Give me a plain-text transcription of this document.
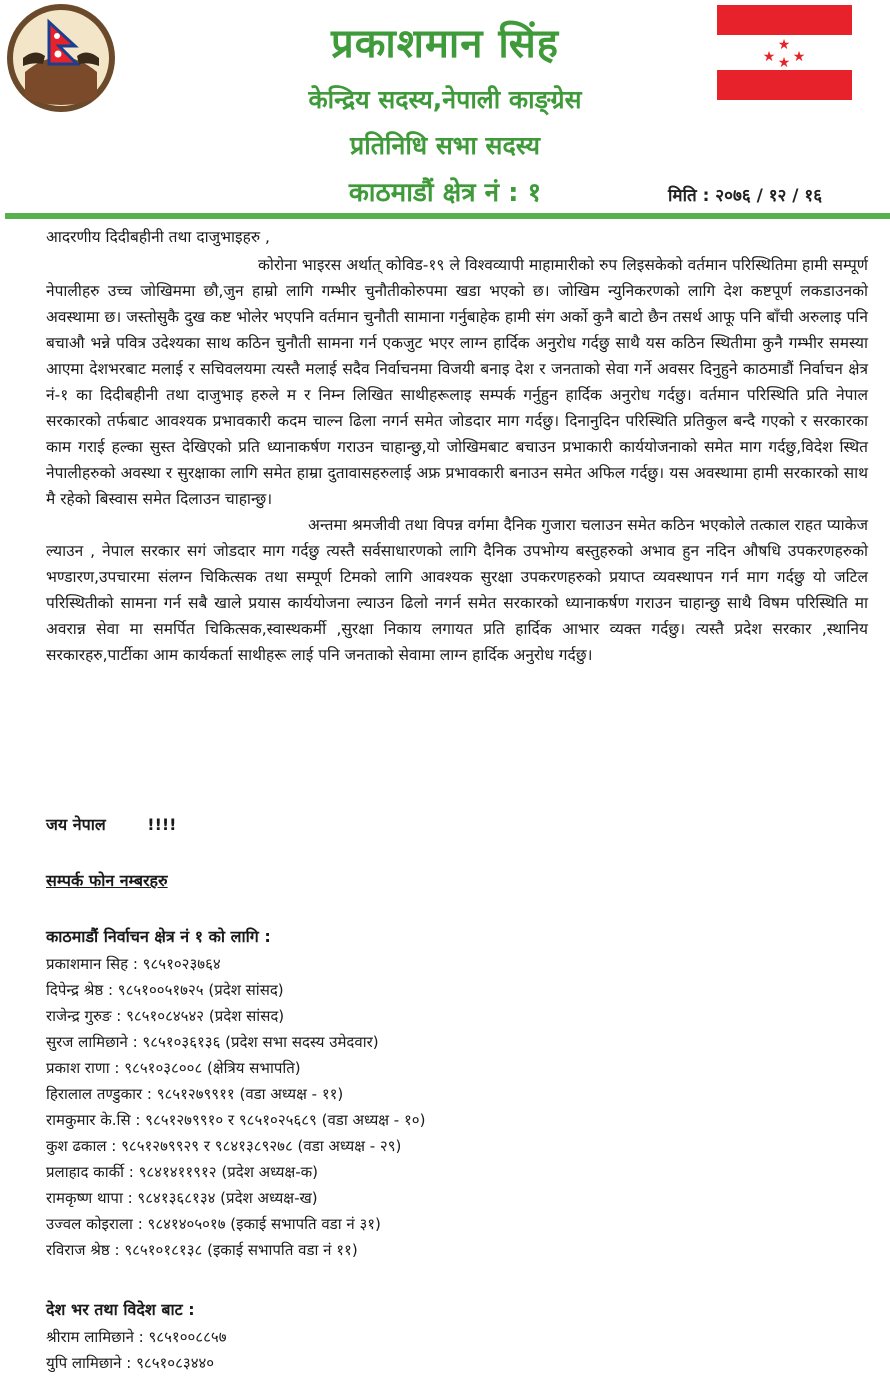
★
★ ★
★
प्रकाशमान सिंह
केन्द्रिय सदस्य,नेपाली काङ्ग्रेस
प्रतिनिधि सभा सदस्य
काठमाडौं क्षेत्र नं : १	मिति : २०७६ / १२ / १६

आदरणीय दिदीबहीनी तथा दाजुभाइहरु ,

कोरोना भाइरस अर्थात् कोविड-१९ ले विश्वव्यापी माहामारीको रुप लिइसकेको वर्तमान परिस्थितिमा हामी सम्पूर्ण नेपालीहरु उच्च जोखिममा छौ,जुन हाम्रो लागि गम्भीर चुनौतीकोरुपमा खडा भएको छ। जोखिम न्युनिकरणको लागि देश कष्टपूर्ण लकडाउनको अवस्थामा छ। जस्तोसुकै दुख कष्ट भोलेर भएपनि वर्तमान चुनौती सामाना गर्नुबाहेक हामी संग अर्को कुनै बाटो छैन तसर्थ आफू पनि बाँची अरुलाइ पनि बचाऔ भन्ने पवित्र उदेश्यका साथ कठिन चुनौती सामना गर्न एकजुट भएर लाग्न हार्दिक अनुरोध गर्दछु साथै यस कठिन स्थितीमा कुनै गम्भीर समस्या आएमा देशभरबाट मलाई र सचिवलयमा त्यस्तै मलाई सदैव निर्वाचनमा विजयी बनाइ देश र जनताको सेवा गर्ने अवसर दिनुहुने काठमाडौं निर्वाचन क्षेत्र नं-१ का दिदीबहीनी तथा दाजुभाइ हरुले म र निम्न लिखित साथीहरूलाइ सम्पर्क गर्नुहुन हार्दिक अनुरोध गर्दछु। वर्तमान परिस्थिति प्रति नेपाल सरकारको तर्फबाट आवश्यक प्रभावकारी कदम चाल्न ढिला नगर्न समेत जोडदार माग गर्दछु। दिनानुदिन परिस्थिति प्रतिकुल बन्दै गएको र सरकारका काम गराई हल्का सुस्त देखिएको प्रति ध्यानाकर्षण गराउन चाहान्छु,यो जोखिमबाट बचाउन प्रभाकारी कार्ययोजनाको समेत माग गर्दछु,विदेश स्थित नेपालीहरुको अवस्था र सुरक्षाका लागि समेत हाम्रा दुतावासहरुलाई अफ्र प्रभावकारी बनाउन समेत अफिल गर्दछु। यस अवस्थामा हामी सरकारको साथ मै रहेको बिस्वास समेत दिलाउन चाहान्छु।

अन्तमा श्रमजीवी तथा विपन्न वर्गमा दैनिक गुजारा चलाउन समेत कठिन भएकोले तत्काल राहत प्याकेज ल्याउन , नेपाल सरकार सगं जोडदार माग गर्दछु त्यस्तै सर्वसाधारणको लागि दैनिक उपभोग्य बस्तुहरुको अभाव हुन नदिन औषधि उपकरणहरुको भण्डारण,उपचारमा संलग्न चिकित्सक तथा सम्पूर्ण टिमको लागि आवश्यक सुरक्षा उपकरणहरुको प्रयाप्त व्यवस्थापन गर्न माग गर्दछु यो जटिल परिस्थितीको सामना गर्न सबै खाले प्रयास कार्ययोजना ल्याउन ढिलो नगर्न समेत सरकारको ध्यानाकर्षण गराउन चाहान्छु साथै विषम परिस्थिति मा अवरान्न सेवा मा समर्पित चिकित्सक,स्वास्थकर्मी ,सुरक्षा निकाय लगायत प्रति हार्दिक आभार व्यक्त गर्दछु। त्यस्तै प्रदेश सरकार ,स्थानिय सरकारहरु,पार्टीका आम कार्यकर्ता साथीहरू लाई पनि जनताको सेवामा लाग्न हार्दिक अनुरोध गर्दछु।

जय नेपाल	!!!!
सम्पर्क फोन नम्बरहरु
काठमाडौं निर्वाचन क्षेत्र नं १ को लागि :
प्रकाशमान सिह : ९८५१०२३७६४
दिपेन्द्र श्रेष्ठ : ९८५१००५१७२५ (प्रदेश सांसद)
राजेन्द्र गुरुङ : ९८५१०८४५४२ (प्रदेश सांसद)
सुरज लामिछाने : ९८५१०३६१३६ (प्रदेश सभा सदस्य उमेदवार)
प्रकाश राणा : ९८५१०३८००८ (क्षेत्रिय सभापति)
हिरालाल तण्डुकार : ९८५१२७९९११ (वडा अध्यक्ष - ११)
रामकुमार के.सि : ९८५१२७९९१० र ९८५१०२५६८९ (वडा अध्यक्ष - १०)
कुश ढकाल : ९८५१२७९९२९ र ९८४१३८९२७८ (वडा अध्यक्ष - २९)
प्रलाहाद कार्की : ९८४१४११९१२ (प्रदेश अध्यक्ष-क)
रामकृष्ण थापा : ९८४१३६८१३४ (प्रदेश अध्यक्ष-ख)
उज्वल कोइराला : ९८४१४०५०१७ (इकाई सभापति वडा नं ३१)
रविराज श्रेष्ठ : ९८५१०१८१३८ (इकाई सभापति वडा नं ११)
देश भर तथा विदेश बाट :
श्रीराम लामिछाने : ९८५१००८८५७
युपि लामिछाने : ९८५१०८३४४०
